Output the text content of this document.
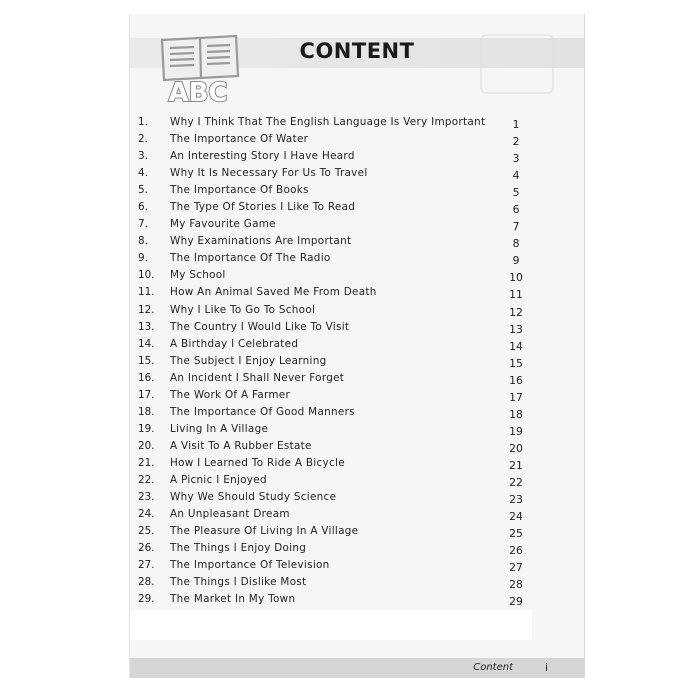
ABC
CONTENT
1.	Why I Think That The English Language Is Very Important	1
2.	The Importance Of Water	2
3.	An Interesting Story I Have Heard	3
4.	Why It Is Necessary For Us To Travel	4
5.	The Importance Of Books	5
6.	The Type Of Stories I Like To Read	6
7.	My Favourite Game	7
8.	Why Examinations Are Important	8
9.	The Importance Of The Radio	9
10.	My School	10
11.	How An Animal Saved Me From Death	11
12.	Why I Like To Go To School	12
13.	The Country I Would Like To Visit	13
14.	A Birthday I Celebrated	14
15.	The Subject I Enjoy Learning	15
16.	An Incident I Shall Never Forget	16
17.	The Work Of A Farmer	17
18.	The Importance Of Good Manners	18
19.	Living In A Village	19
20.	A Visit To A Rubber Estate	20
21.	How I Learned To Ride A Bicycle	21
22.	A Picnic I Enjoyed	22
23.	Why We Should Study Science	23
24.	An Unpleasant Dream	24
25.	The Pleasure Of Living In A Village	25
26.	The Things I Enjoy Doing	26
27.	The Importance Of Television	27
28.	The Things I Dislike Most	28
29.	The Market In My Town	29
Content	i
